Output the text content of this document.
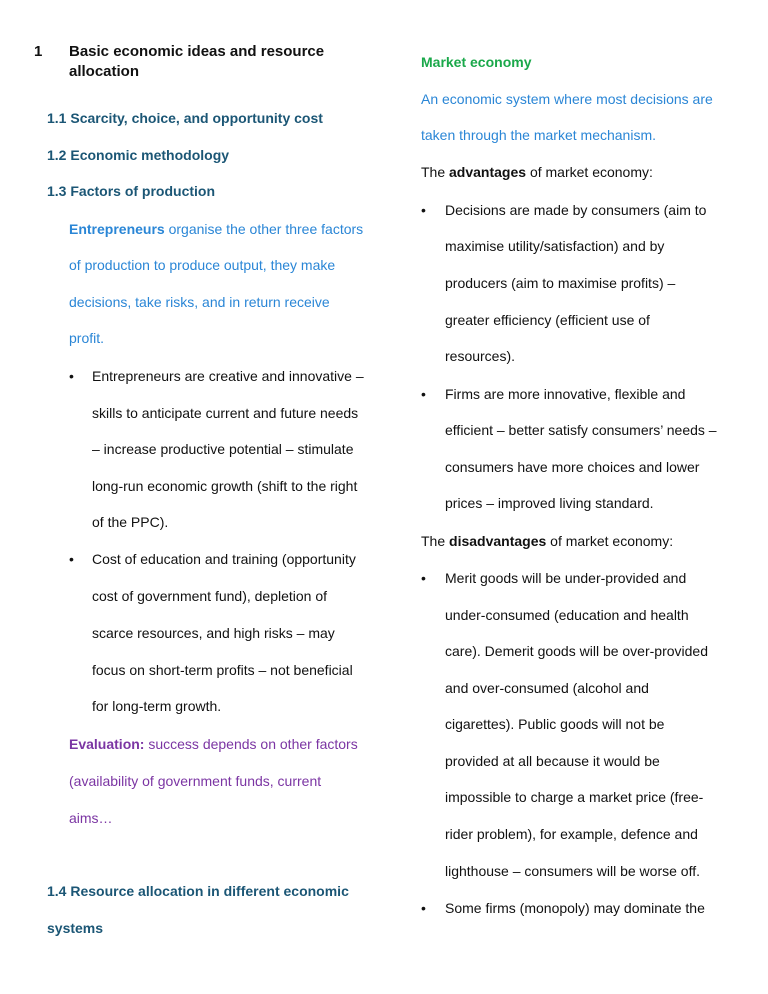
1 Basic economic ideas and resource
allocation
1.1 Scarcity, choice, and opportunity cost
1.2 Economic methodology
1.3 Factors of production
Entrepreneurs organise the other three factors
of production to produce output, they make
decisions, take risks, and in return receive
profit.
• Entrepreneurs are creative and innovative –
skills to anticipate current and future needs
– increase productive potential – stimulate
long-run economic growth (shift to the right
of the PPC).
• Cost of education and training (opportunity
cost of government fund), depletion of
scarce resources, and high risks – may
focus on short-term profits – not beneficial
for long-term growth.
Evaluation: success depends on other factors
(availability of government funds, current
aims…
1.4 Resource allocation in different economic
systems
Market economy
An economic system where most decisions are
taken through the market mechanism.
The advantages of market economy:
• Decisions are made by consumers (aim to
maximise utility/satisfaction) and by
producers (aim to maximise profits) –
greater efficiency (efficient use of
resources).
• Firms are more innovative, flexible and
efficient – better satisfy consumers’ needs –
consumers have more choices and lower
prices – improved living standard.
The disadvantages of market economy:
• Merit goods will be under-provided and
under-consumed (education and health
care). Demerit goods will be over-provided
and over-consumed (alcohol and
cigarettes). Public goods will not be
provided at all because it would be
impossible to charge a market price (free-
rider problem), for example, defence and
lighthouse – consumers will be worse off.
• Some firms (monopoly) may dominate the
